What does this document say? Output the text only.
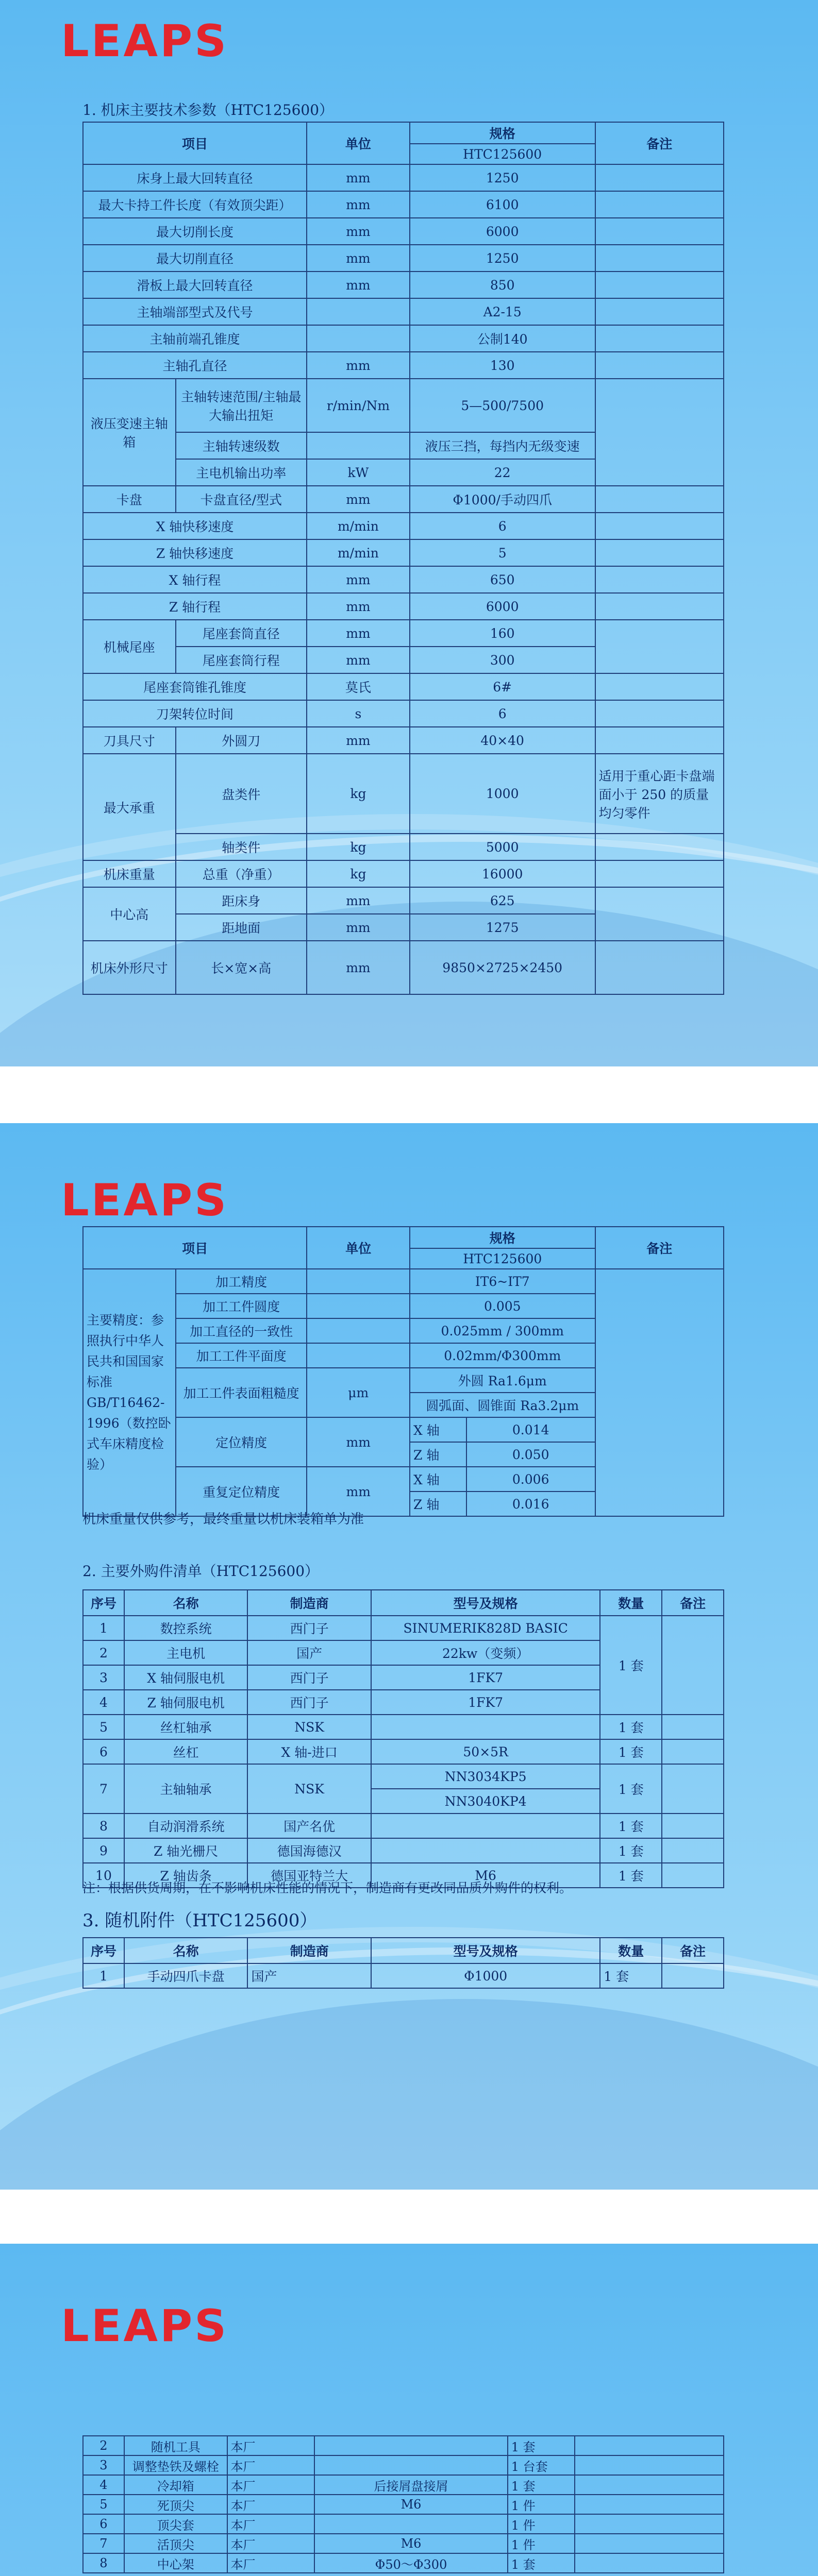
LEAPS
1. 机床主要技术参数（HTC125600）
项目		单位	规格	备注
			HTC125600	
床身上最大回转直径		mm	1250	
最大卡持工件长度（有效顶尖距）		mm	6100	
最大切削长度		mm	6000	
最大切削直径		mm	1250	
滑板上最大回转直径		mm	850	
主轴端部型式及代号			A2-15	
主轴前端孔锥度			公制140	
主轴孔直径		mm	130	
液压变速主轴箱	主轴转速范围/主轴最大输出扭矩	r/min/Nm	5—500/7500	
	主轴转速级数		液压三挡，每挡内无级变速	
	主电机输出功率	kW	22	
卡盘	卡盘直径/型式	mm	Φ1000/手动四爪	
X 轴快移速度		m/min	6	
Z 轴快移速度		m/min	5	
X 轴行程		mm	650	
Z 轴行程		mm	6000	
机械尾座	尾座套筒直径	mm	160	
	尾座套筒行程	mm	300	
尾座套筒锥孔锥度		莫氏	6#	
刀架转位时间		s	6	
刀具尺寸	外圆刀	mm	40×40	
最大承重	盘类件	kg	1000	适用于重心距卡盘端面小于 250 的质量均匀零件
	轴类件	kg	5000	
机床重量	总重（净重）	kg	16000	
中心高	距床身	mm	625	
	距地面	mm	1275	
机床外形尺寸	长×宽×高	mm	9850×2725×2450	
LEAPS
项目		单位	规格		备注
			HTC125600		
主要精度：参照执行中华人民共和国国家标准GB/T16462-1996（数控卧式车床精度检验）	加工精度		IT6~IT7		
	加工工件圆度		0.005		
	加工直径的一致性		0.025mm / 300mm		
	加工工件平面度		0.02mm/Φ300mm		
	加工工件表面粗糙度	μm	外圆 Ra1.6μm		
			圆弧面、圆锥面 Ra3.2μm		
	定位精度	mm	X 轴	0.014	
			Z 轴	0.050	
	重复定位精度	mm	X 轴	0.006	
			Z 轴	0.016	
机床重量仅供参考，最终重量以机床装箱单为准
2. 主要外购件清单（HTC125600）
序号	名称	制造商	型号及规格	数量	备注
1	数控系统	西门子	SINUMERIK828D BASIC	1 套	
2	主电机	国产	22kw（变频）		
3	X 轴伺服电机	西门子	1FK7		
4	Z 轴伺服电机	西门子	1FK7		
5	丝杠轴承	NSK		1 套	
6	丝杠	X 轴-进口	50×5R	1 套	
7	主轴轴承	NSK	NN3034KP5	1 套	
			NN3040KP4		
8	自动润滑系统	国产名优		1 套	
9	Z 轴光栅尺	德国海德汉		1 套	
10	Z 轴齿条	德国亚特兰大	M6	1 套	
注：根据供货周期，在不影响机床性能的情况下，制造商有更改同品质外购件的权利。
3. 随机附件（HTC125600）
序号	名称	制造商	型号及规格	数量	备注
1	手动四爪卡盘	国产	Φ1000	1 套	
LEAPS
2	随机工具	本厂		1 套	
3	调整垫铁及螺栓	本厂		1 台套	
4	冷却箱	本厂	后接屑盘接屑	1 套	
5	死顶尖	本厂	M6	1 件	
6	顶尖套	本厂		1 件	
7	活顶尖	本厂	M6	1 件	
8	中心架	本厂	Φ50～Φ300	1 套	
